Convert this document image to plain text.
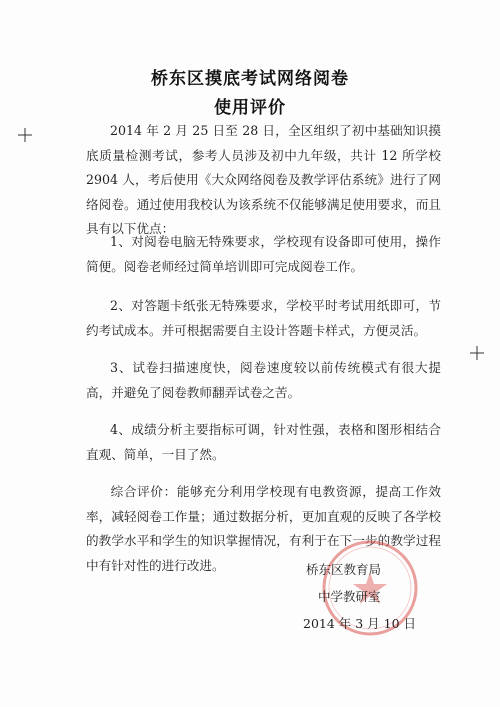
桥东区摸底考试网络阅卷
使用评价

2014 年 2 月 25 日至 28 日，全区组织了初中基础知识摸底质量检测考试，参考人员涉及初中九年级，共计 12 所学校 2904 人，考后使用《大众网络阅卷及教学评估系统》进行了网络阅卷。通过使用我校认为该系统不仅能够满足使用要求，而且具有以下优点：

1、对阅卷电脑无特殊要求，学校现有设备即可使用，操作简便。阅卷老师经过简单培训即可完成阅卷工作。

2、对答题卡纸张无特殊要求，学校平时考试用纸即可，节约考试成本。并可根据需要自主设计答题卡样式，方便灵活。

3、试卷扫描速度快，阅卷速度较以前传统模式有很大提高，并避免了阅卷教师翻弄试卷之苦。

4、成绩分析主要指标可调，针对性强，表格和图形相结合直观、简单，一目了然。

综合评价：能够充分利用学校现有电教资源，提高工作效率，减轻阅卷工作量；通过数据分析，更加直观的反映了各学校的教学水平和学生的知识掌握情况，有利于在下一步的教学过程中有针对性的进行改进。	桥东区教育局
中学教研室
2014 年 3 月 10 日
